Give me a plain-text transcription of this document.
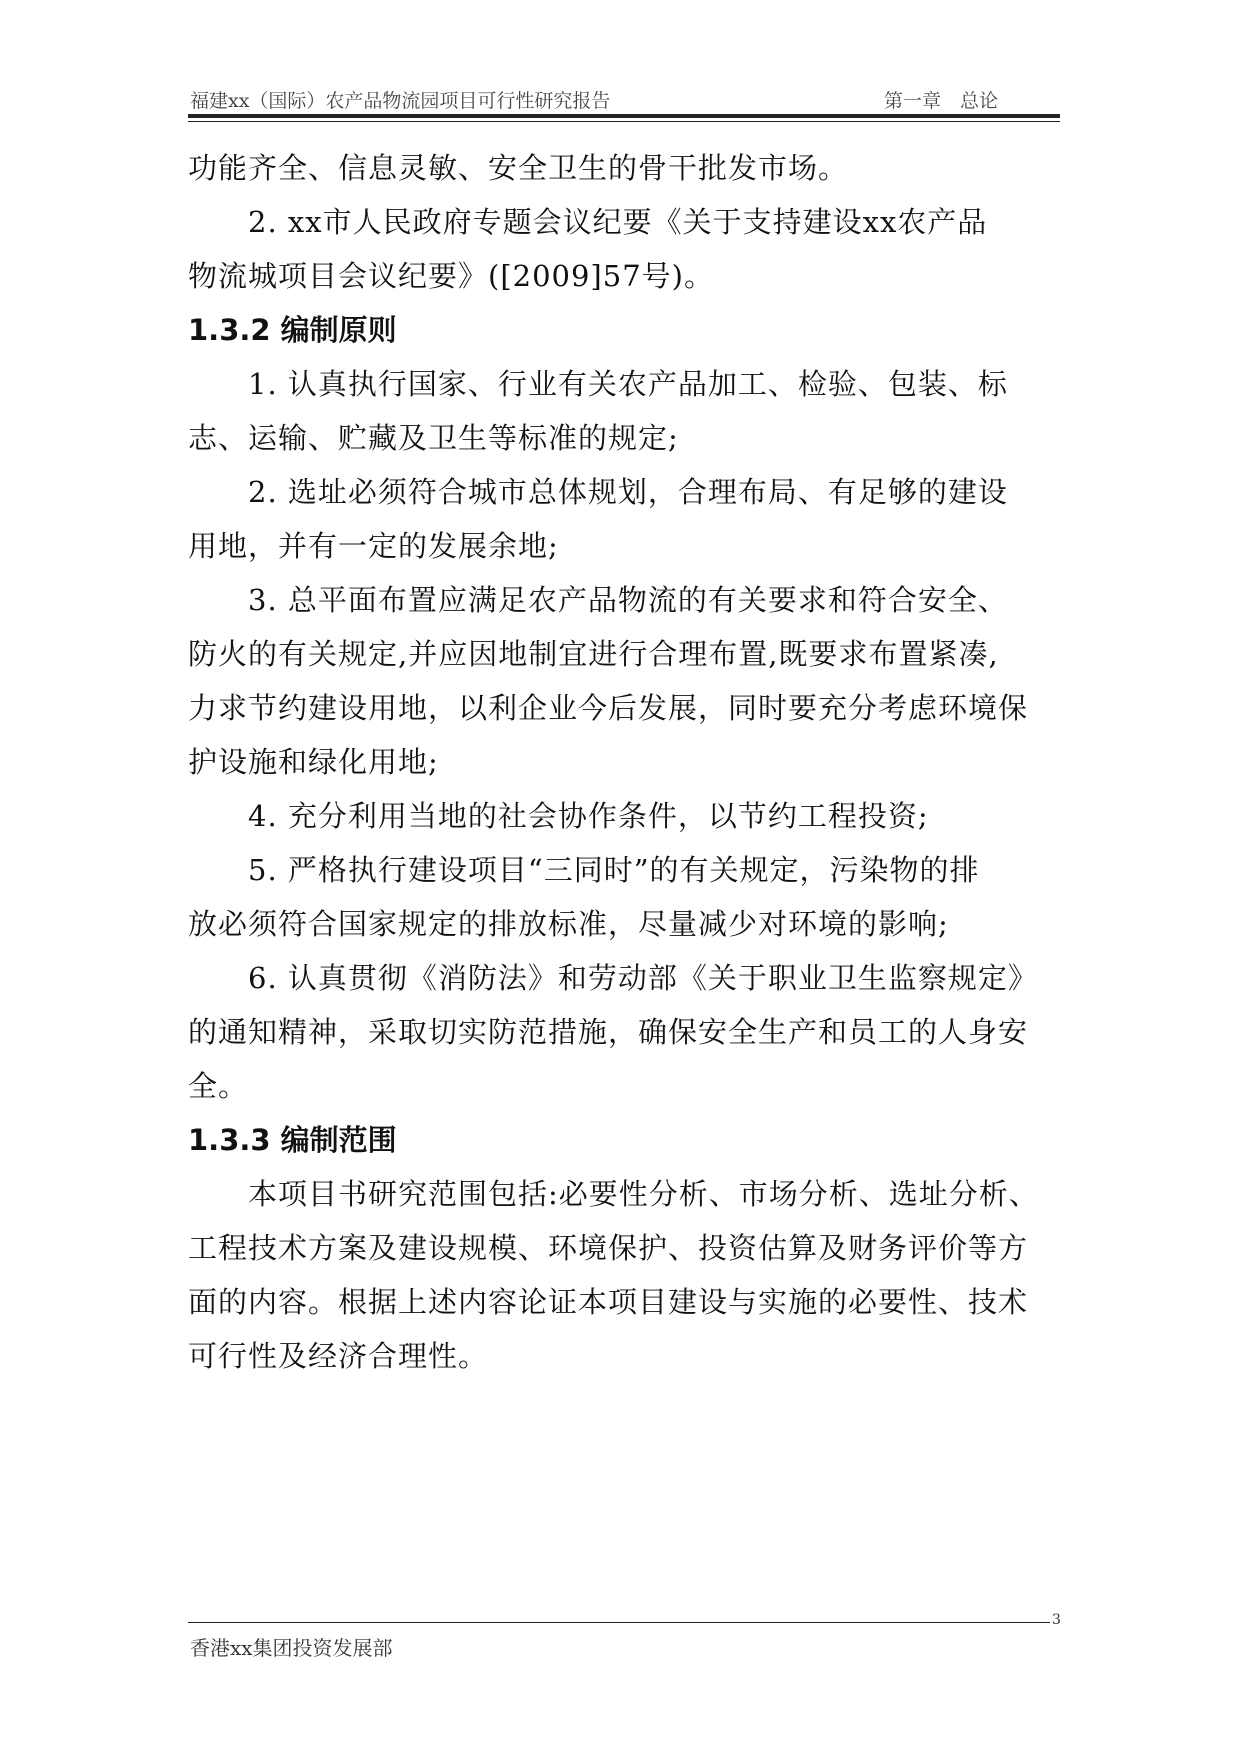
福建xx（国际）农产品物流园项目可行性研究报告	第一章　总论
功能齐全、信息灵敏、安全卫生的骨干批发市场。
2. xx市人民政府专题会议纪要《关于支持建设xx农产品
物流城项目会议纪要》([2009]57号)。
1.3.2 编制原则
1. 认真执行国家、行业有关农产品加工、检验、包装、标
志、运输、贮藏及卫生等标准的规定;
2. 选址必须符合城市总体规划，合理布局、有足够的建设
用地，并有一定的发展余地;
3. 总平面布置应满足农产品物流的有关要求和符合安全、
防火的有关规定,并应因地制宜进行合理布置,既要求布置紧凑,
力求节约建设用地，以利企业今后发展，同时要充分考虑环境保
护设施和绿化用地;
4. 充分利用当地的社会协作条件，以节约工程投资;
5. 严格执行建设项目“三同时”的有关规定，污染物的排
放必须符合国家规定的排放标准，尽量减少对环境的影响;
6. 认真贯彻《消防法》和劳动部《关于职业卫生监察规定》
的通知精神，采取切实防范措施，确保安全生产和员工的人身安
全。
1.3.3 编制范围
本项目书研究范围包括:必要性分析、市场分析、选址分析、
工程技术方案及建设规模、环境保护、投资估算及财务评价等方
面的内容。根据上述内容论证本项目建设与实施的必要性、技术
可行性及经济合理性。
3
香港xx集团投资发展部
